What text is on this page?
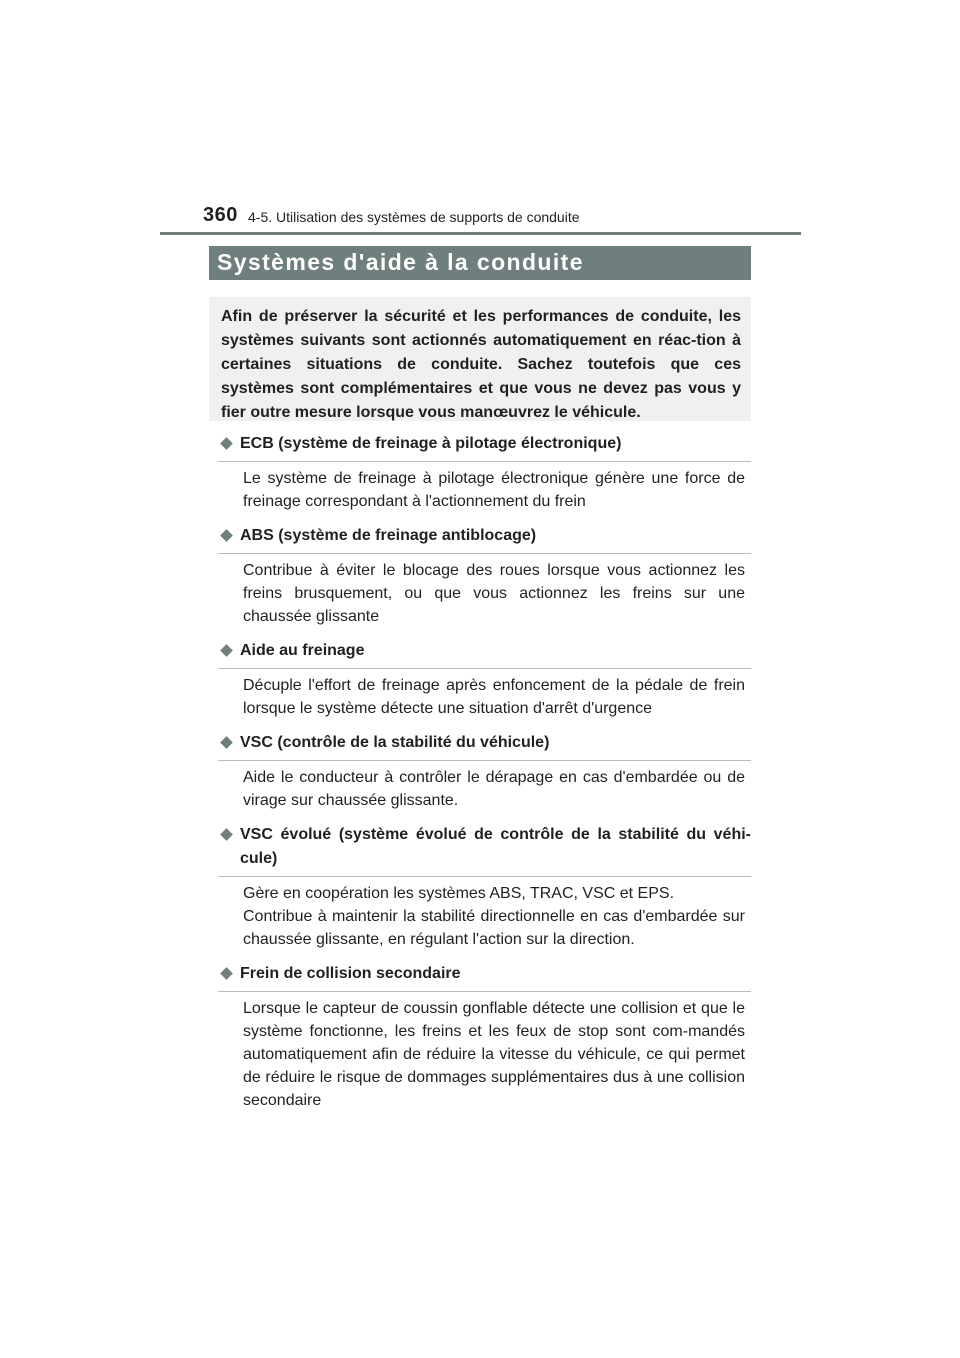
360 4-5. Utilisation des systèmes de supports de conduite
Systèmes d'aide à la conduite

Afin de préserver la sécurité et les performances de conduite, les systèmes suivants sont actionnés automatiquement en réac-tion à certaines situations de conduite. Sachez toutefois que ces systèmes sont complémentaires et que vous ne devez pas vous y fier outre mesure lorsque vous manœuvrez le véhicule.

ECB (système de freinage à pilotage électronique)

Le système de freinage à pilotage électronique génère une force de freinage correspondant à l'actionnement du frein

ABS (système de freinage antiblocage)

Contribue à éviter le blocage des roues lorsque vous actionnez les freins brusquement, ou que vous actionnez les freins sur une chaussée glissante

Aide au freinage

Décuple l'effort de freinage après enfoncement de la pédale de frein lorsque le système détecte une situation d'arrêt d'urgence

VSC (contrôle de la stabilité du véhicule)

Aide le conducteur à contrôler le dérapage en cas d'embardée ou de virage sur chaussée glissante.

VSC évolué (système évolué de contrôle de la stabilité du véhi-cule)

Gère en coopération les systèmes ABS, TRAC, VSC et EPS.

Contribue à maintenir la stabilité directionnelle en cas d'embardée sur chaussée glissante, en régulant l'action sur la direction.

Frein de collision secondaire

Lorsque le capteur de coussin gonflable détecte une collision et que le système fonctionne, les freins et les feux de stop sont com-mandés automatiquement afin de réduire la vitesse du véhicule, ce qui permet de réduire le risque de dommages supplémentaires dus à une collision secondaire
